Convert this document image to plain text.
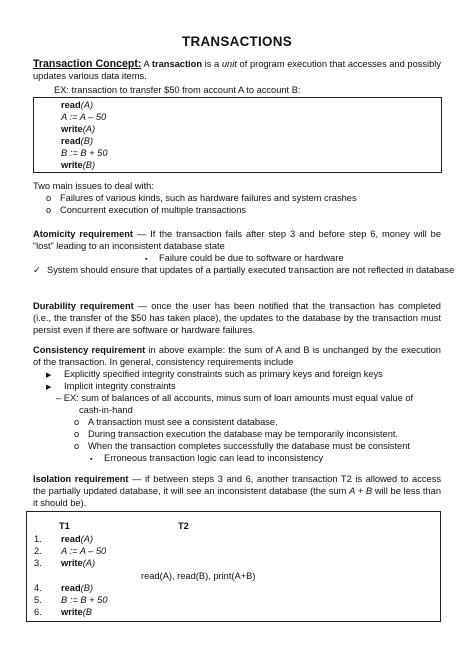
TRANSACTIONS
Transaction Concept: A transaction is a unit of program execution that accesses and possibly updates various data items.
EX: transaction to transfer $50 from account A to account B:
read(A)
A := A – 50
write(A)
read(B)
B := B + 50
write(B)
Two main issues to deal with:
o Failures of various kinds, such as hardware failures and system crashes
o Concurrent execution of multiple transactions
Atomicity requirement — If the transaction fails after step 3 and before step 6, money will be “lost” leading to an inconsistent database state
▪ Failure could be due to software or hardware
✓ System should ensure that updates of a partially executed transaction are not reflected in database
Durability requirement — once the user has been notified that the transaction has completed (i.e., the transfer of the $50 has taken place), the updates to the database by the transaction must persist even if there are software or hardware failures.
Consistency requirement in above example: the sum of A and B is unchanged by the execution of the transaction. In general, consistency requirements include
▶ Explicitly specified integrity constraints such as primary keys and foreign keys
▶ Implicit integrity constraints
– EX: sum of balances of all accounts, minus sum of loan amounts must equal value of
cash-in-hand
o A transaction must see a consistent database.
o During transaction execution the database may be temporarily inconsistent.
o When the transaction completes successfully the database must be consistent
▪ Erroneous transaction logic can lead to inconsistency
Isolation requirement — if between steps 3 and 6, another transaction T2 is allowed to access the partially updated database, it will see an inconsistent database (the sum A + B will be less than it should be).
T1	T2
1. read(A)
2. A := A – 50
3. write(A)
read(A), read(B), print(A+B)
4. read(B)
5. B := B + 50
6. write(B
